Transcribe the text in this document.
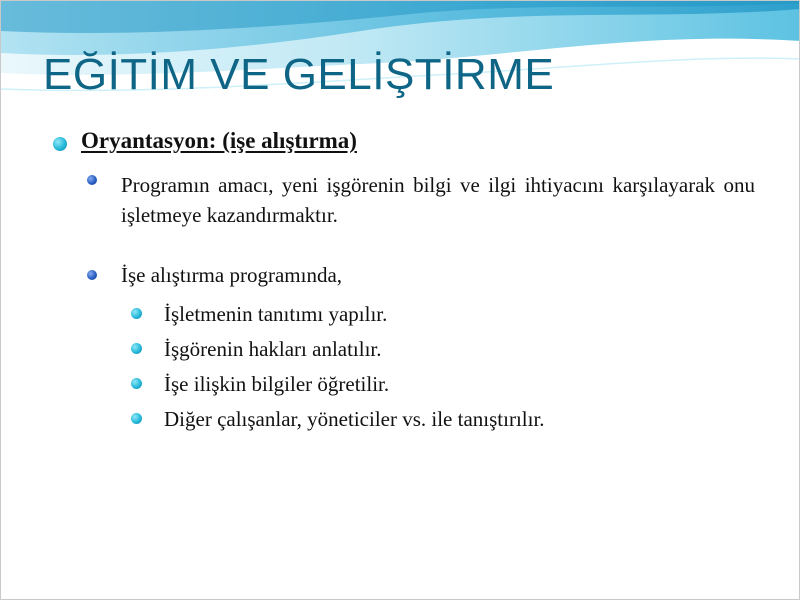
EĞİTİM VE GELİŞTİRME

Oryantasyon: (işe alıştırma)

Programın amacı, yeni işgörenin bilgi ve ilgi ihtiyacını karşılayarak onu işletmeye kazandırmaktır.

İşe alıştırma programında,

İşletmenin tanıtımı yapılır.

İşgörenin hakları anlatılır.

İşe ilişkin bilgiler öğretilir.

Diğer çalışanlar, yöneticiler vs. ile tanıştırılır.
